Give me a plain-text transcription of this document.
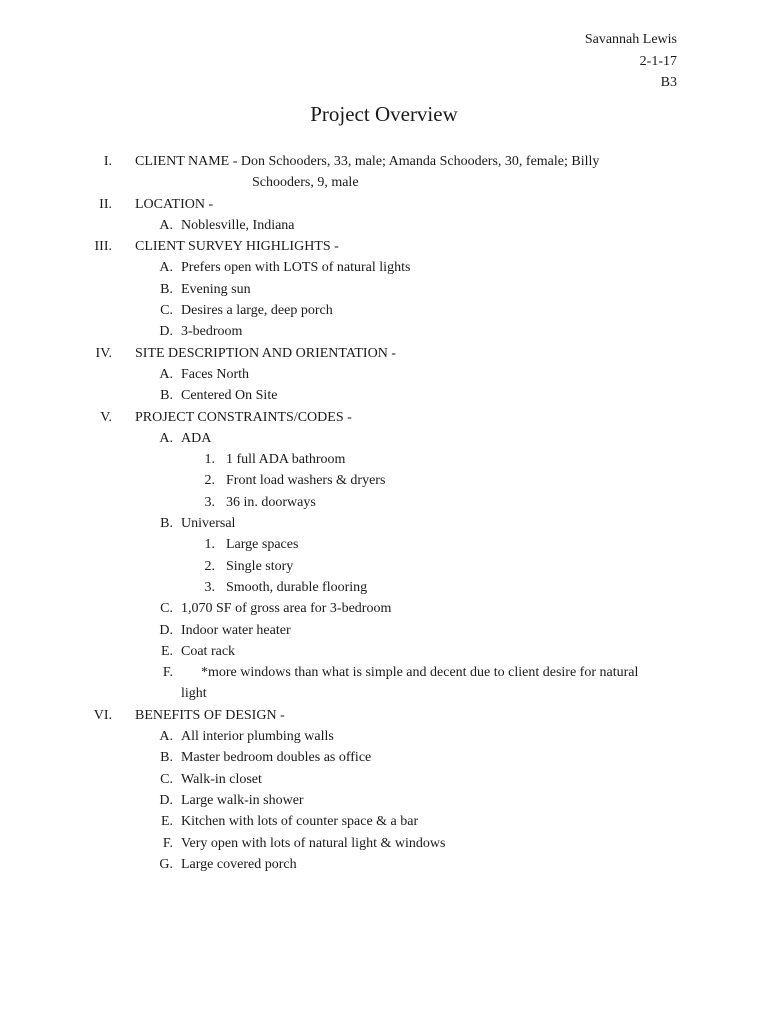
Savannah Lewis
2-1-17
B3
Project Overview
I. CLIENT NAME - Don Schooders, 33, male; Amanda Schooders, 30, female; Billy
Schooders, 9, male
II. LOCATION -
A. Noblesville, Indiana
III. CLIENT SURVEY HIGHLIGHTS -
A. Prefers open with LOTS of natural lights
B. Evening sun
C. Desires a large, deep porch
D. 3-bedroom
IV. SITE DESCRIPTION AND ORIENTATION -
A. Faces North
B. Centered On Site
V. PROJECT CONSTRAINTS/CODES -
A. ADA
1. 1 full ADA bathroom
2. Front load washers & dryers
3. 36 in. doorways
B. Universal
1. Large spaces
2. Single story
3. Smooth, durable flooring
C. 1,070 SF of gross area for 3-bedroom
D. Indoor water heater
E. Coat rack
F.	*more windows than what is simple and decent due to client desire for natural
light
VI. BENEFITS OF DESIGN -
A. All interior plumbing walls
B. Master bedroom doubles as office
C. Walk-in closet
D. Large walk-in shower
E. Kitchen with lots of counter space & a bar
F. Very open with lots of natural light & windows
G. Large covered porch
